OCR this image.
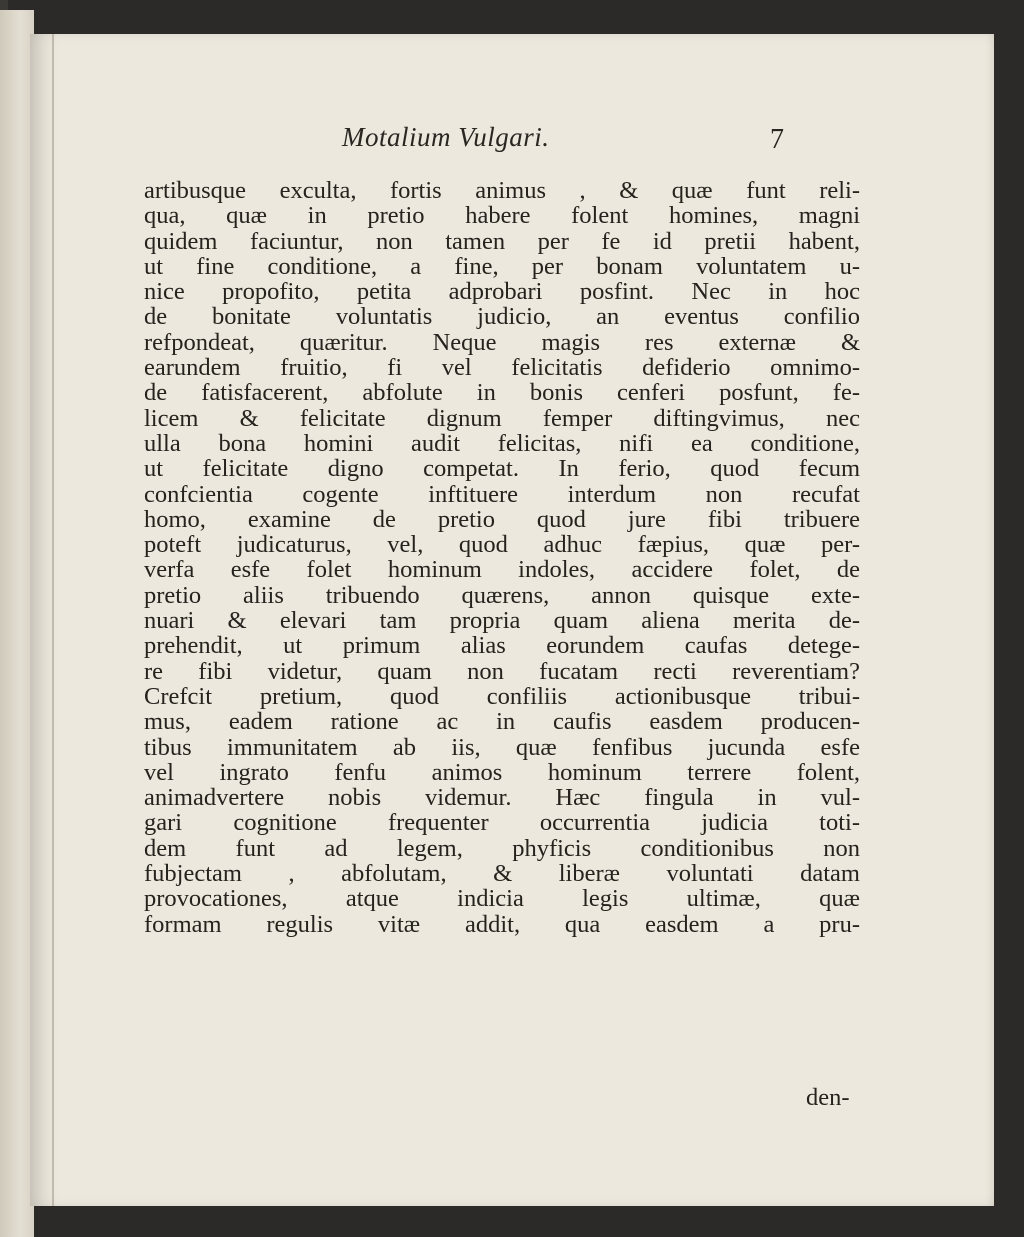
Motalium Vulgari.	7
artibusque exculta, fortis animus , & quæ funt reli-
qua, quæ in pretio habere folent homines, magni
quidem faciuntur, non tamen per fe id pretii habent,
ut fine conditione, a fine, per bonam voluntatem u-
nice propofito, petita adprobari posfint. Nec in hoc
de bonitate voluntatis judicio, an eventus confilio
refpondeat, quæritur. Neque magis res externæ &
earundem fruitio, fi vel felicitatis defiderio omnimo-
de fatisfacerent, abfolute in bonis cenferi posfunt, fe-
licem & felicitate dignum femper diftingvimus, nec
ulla bona homini audit felicitas, nifi ea conditione,
ut felicitate digno competat. In ferio, quod fecum
confcientia cogente inftituere interdum non recufat
homo, examine de pretio quod jure fibi tribuere
poteft judicaturus, vel, quod adhuc fæpius, quæ per-
verfa esfe folet hominum indoles, accidere folet, de
pretio aliis tribuendo quærens, annon quisque exte-
nuari & elevari tam propria quam aliena merita de-
prehendit, ut primum alias eorundem caufas detege-
re fibi videtur, quam non fucatam recti reverentiam?
Crefcit pretium, quod confiliis actionibusque tribui-
mus, eadem ratione ac in caufis easdem producen-
tibus immunitatem ab iis, quæ fenfibus jucunda esfe
vel ingrato fenfu animos hominum terrere folent,
animadvertere nobis videmur. Hæc fingula in vul-
gari cognitione frequenter occurrentia judicia toti-
dem funt ad legem, phyficis conditionibus non
fubjectam , abfolutam, & liberæ voluntati datam
provocationes, atque indicia legis ultimæ, quæ
formam regulis vitæ addit, qua easdem a pru-
den-
